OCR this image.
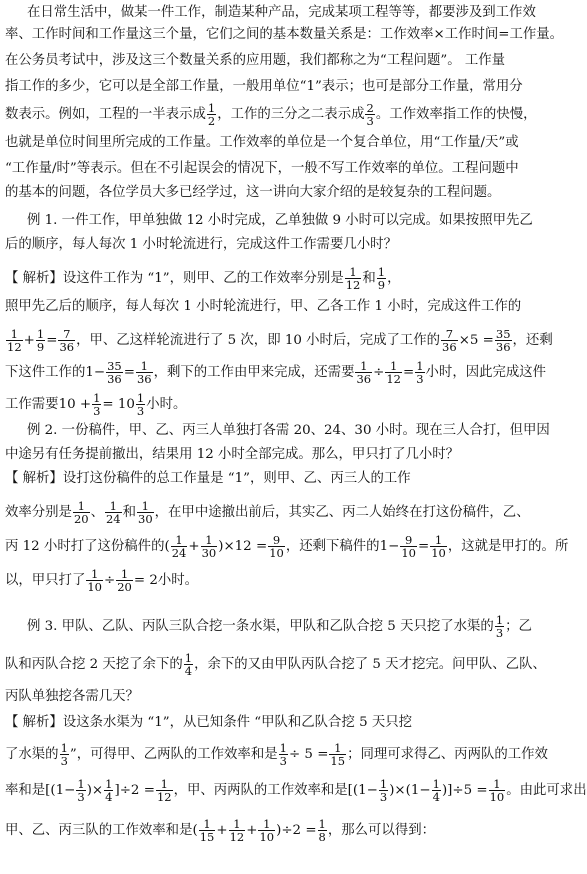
在日常生活中，做某一件工作，制造某种产品，完成某项工程等等，都要涉及到工作效
率、工作时间和工作量这三个量，它们之间的基本数量关系是：工作效率×工作时间=工作量。
在公务员考试中，涉及这三个数量关系的应用题，我们都称之为“工程问题”。 工作量
指工作的多少，它可以是全部工作量，一般用单位“1”表示；也可是部分工作量，常用分
数表示。例如，工程的一半表示成 $\frac{1}{2}$ ，工作的三分之二表示成 $\frac{2}{3}$ 。工作效率指工作的快慢，
也就是单位时间里所完成的工作量。工作效率的单位是一个复合单位，用“工作量/天”或
“工作量/时”等表示。但在不引起误会的情况下，一般不写工作效率的单位。工程问题中
的基本的问题，各位学员大多已经学过，这一讲向大家介绍的是较复杂的工程问题。
例 1. 一件工作，甲单独做 12 小时完成，乙单独做 9 小时可以完成。如果按照甲先乙
后的顺序，每人每次 1 小时轮流进行，完成这件工作需要几小时？
【 解析】设这件工作为 “1”，则甲、乙的工作效率分别是 $\frac{1}{12}$ 和 $\frac{1}{9}$ ，
照甲先乙后的顺序，每人每次 1 小时轮流进行，甲、乙各工作 1 小时，完成这件工作的
$\frac{1}{12} + \frac{1}{9} = \frac{7}{36}$ ，甲、乙这样轮流进行了 5 次，即 10 小时后，完成了工作的 $\frac{7}{36} \times 5 = \frac{35}{36}$ ，还剩
下这件工作的$1- \frac{35}{36} = \frac{1}{36}$ ，剩下的工作由甲来完成，还需要 $\frac{1}{36} \div \frac{1}{12} = \frac{1}{3}$ 小时，因此完成这件
工作需要$10 + \frac{1}{3} = 10 \frac{1}{3}$ 小时。
例 2. 一份稿件，甲、乙、丙三人单独打各需 20、24、30 小时。现在三人合打，但甲因
中途另有任务提前撤出，结果用 12 小时全部完成。那么，甲只打了几小时？
【 解析】设打这份稿件的总工作量是 “1”，则甲、乙、丙三人的工作
效率分别是 $\frac{1}{20}$ 、 $\frac{1}{24}$ 和 $\frac{1}{30}$ ，在甲中途撤出前后，其实乙、丙二人始终在打这份稿件，乙、
丙 12 小时打了这份稿件的( $\frac{1}{24} + \frac{1}{30} )\times 12 = \frac{9}{10}$ ，还剩下稿件的$1- \frac{9}{10} = \frac{1}{10}$ ，这就是甲打的。所
以，甲只打了 $\frac{1}{10} \div \frac{1}{20} = 2$小时。
例 3. 甲队、乙队、丙队三队合挖一条水渠，甲队和乙队合挖 5 天只挖了水渠的 $\frac{1}{3}$ ；乙
队和丙队合挖 2 天挖了余下的 $\frac{1}{4}$ ，余下的又由甲队丙队合挖了 5 天才挖完。问甲队、乙队、
丙队单独挖各需几天？
【 解析】设这条水渠为 “1”，从已知条件 “甲队和乙队合挖 5 天只挖
了水渠的 $\frac{1}{3}$ ”，可得甲、乙两队的工作效率和是 $\frac{1}{3} \div 5 = \frac{1}{15}$ ；同理可求得乙、丙两队的工作效
率和是[($1- \frac{1}{3}$ )× $\frac{1}{4} ]\div 2 = \frac{1}{12}$ ，甲、丙两队的工作效率和是$[(1- \frac{1}{3} )\times(1- \frac{1}{4} )]\div 5 = \frac{1}{10}$ 。由此可求出
甲、乙、丙三队的工作效率和是( $\frac{1}{15} + \frac{1}{12} + \frac{1}{10} )\div 2 = \frac{1}{8}$ ，那么可以得到：
